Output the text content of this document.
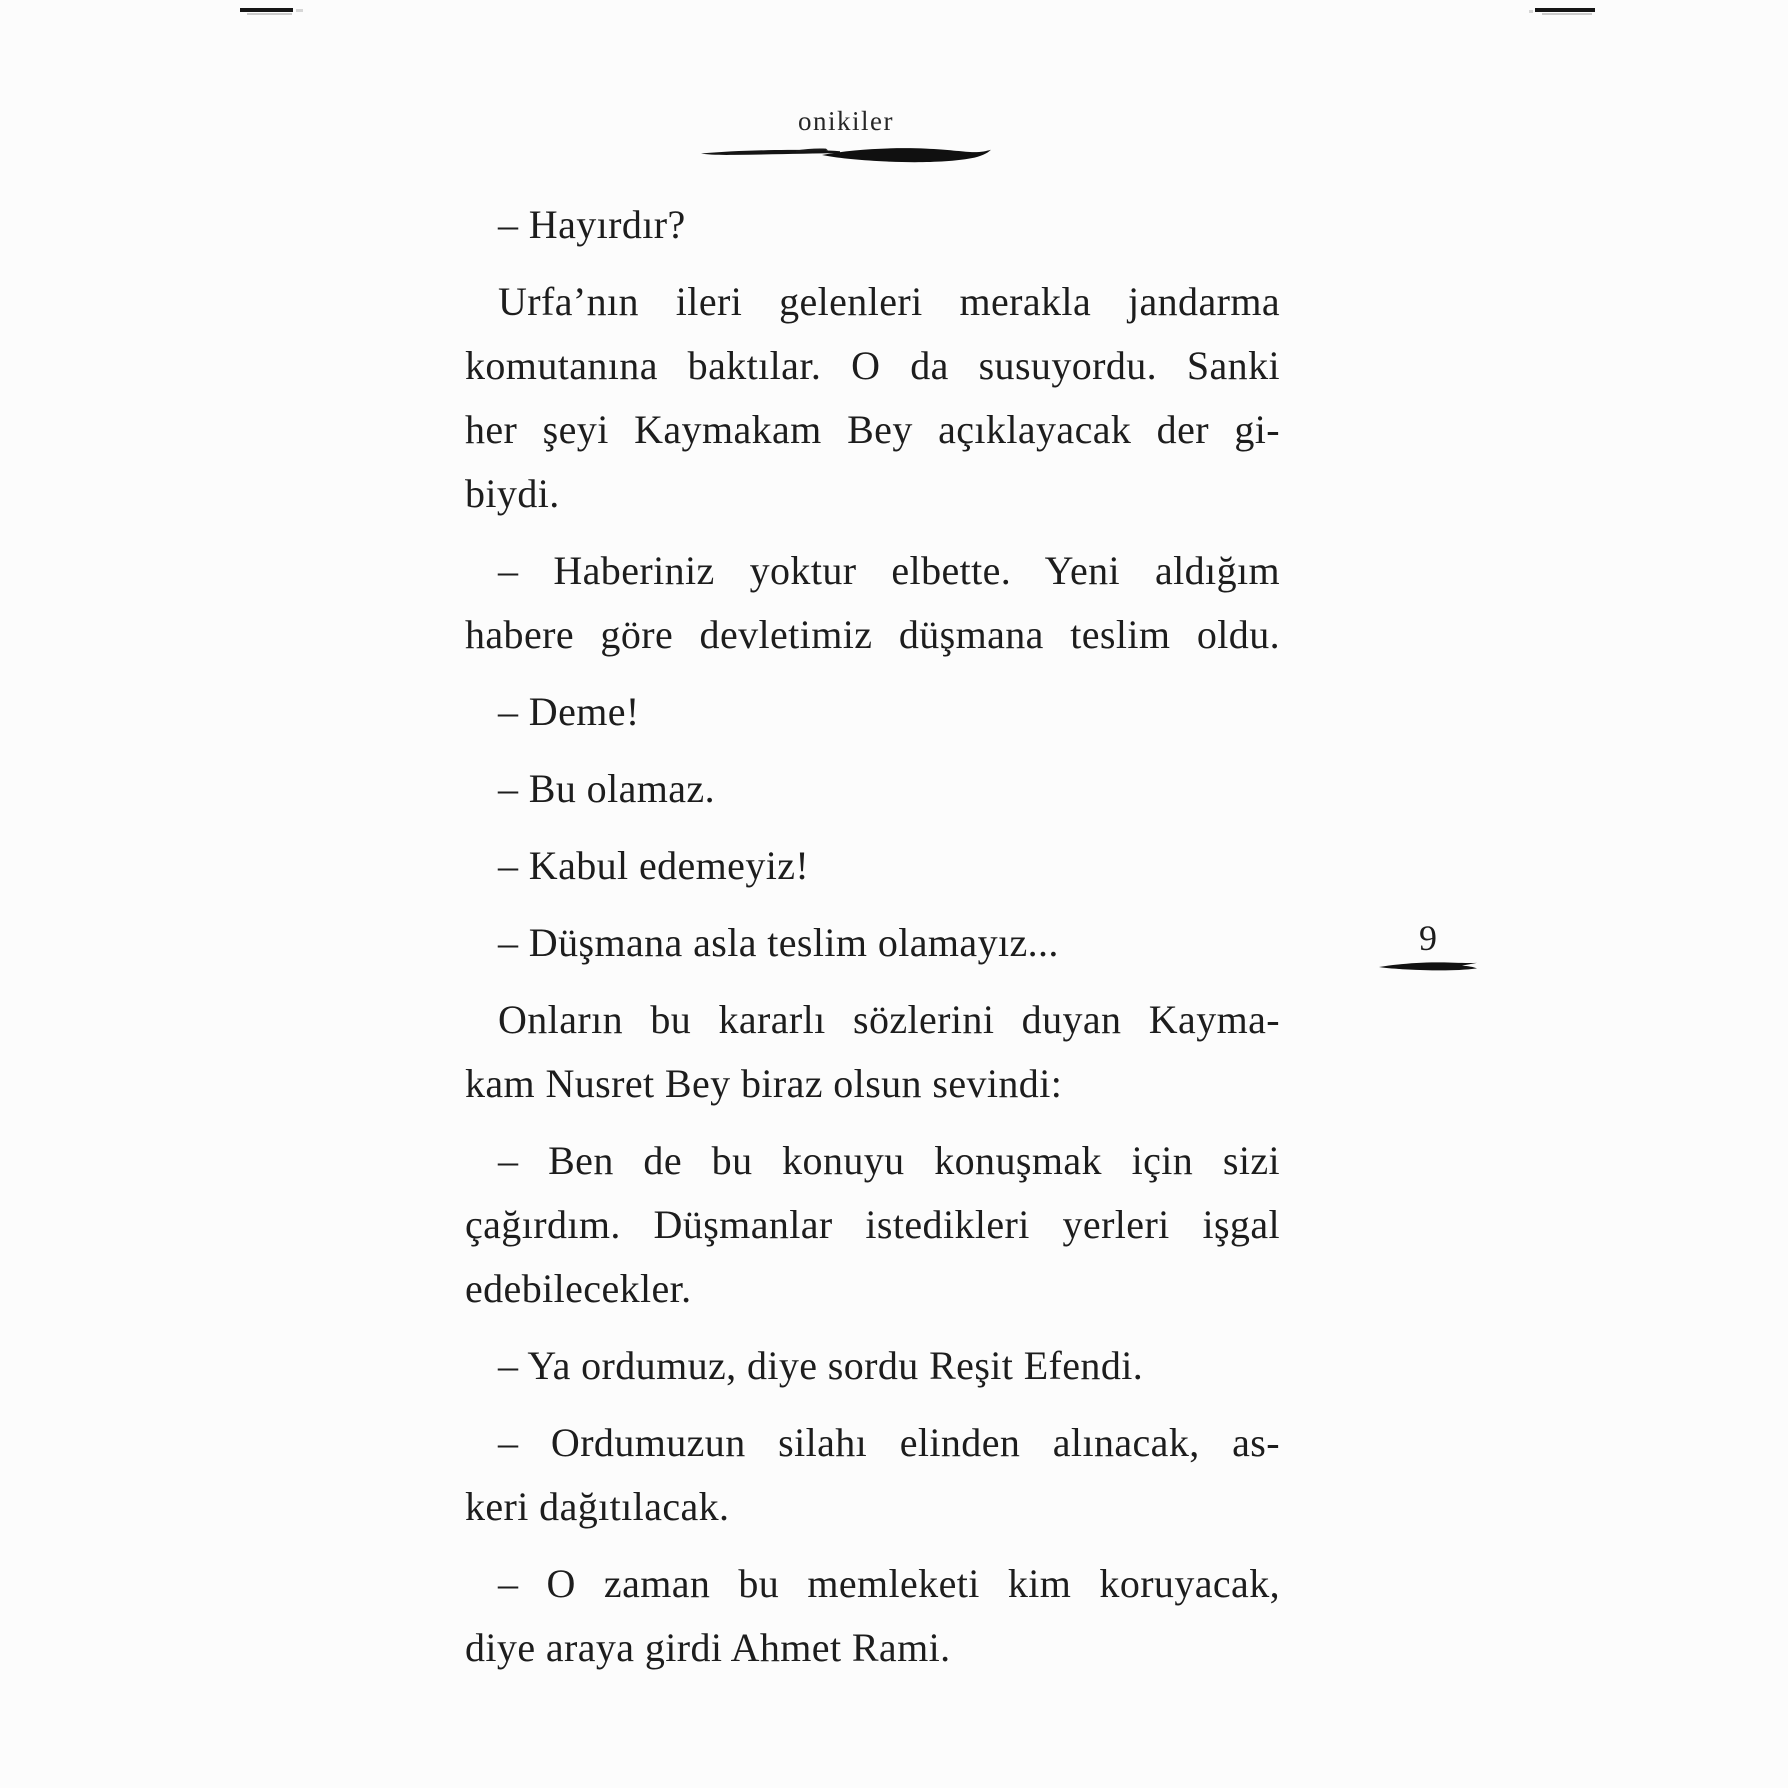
onikiler
9
– Hayırdır?
Urfa’nın ileri gelenleri merakla jandarma
komutanına baktılar. O da susuyordu. Sanki
her şeyi Kaymakam Bey açıklayacak der gi-
biydi.
– Haberiniz yoktur elbette. Yeni aldığım
habere göre devletimiz düşmana teslim oldu.
– Deme!
– Bu olamaz.
– Kabul edemeyiz!
– Düşmana asla teslim olamayız...
Onların bu kararlı sözlerini duyan Kayma-
kam Nusret Bey biraz olsun sevindi:
– Ben de bu konuyu konuşmak için sizi
çağırdım. Düşmanlar istedikleri yerleri işgal
edebilecekler.
– Ya ordumuz, diye sordu Reşit Efendi.
– Ordumuzun silahı elinden alınacak, as-
keri dağıtılacak.
– O zaman bu memleketi kim koruyacak,
diye araya girdi Ahmet Rami.
